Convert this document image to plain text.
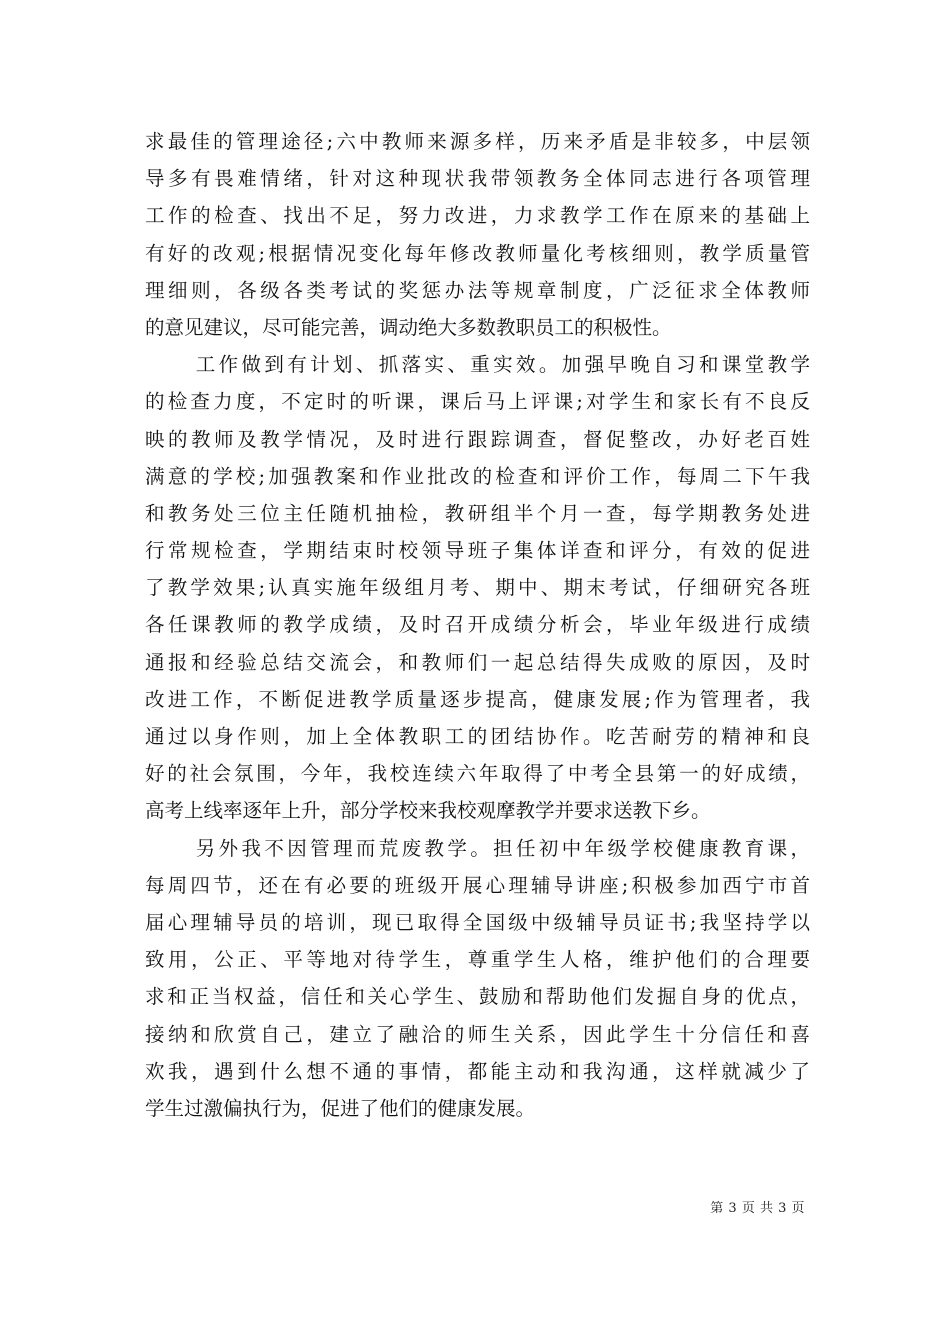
求最佳的管理途径;六中教师来源多样，历来矛盾是非较多，中层领
导多有畏难情绪，针对这种现状我带领教务全体同志进行各项管理
工作的检查、找出不足，努力改进，力求教学工作在原来的基础上
有好的改观;根据情况变化每年修改教师量化考核细则，教学质量管
理细则，各级各类考试的奖惩办法等规章制度，广泛征求全体教师
的意见建议，尽可能完善，调动绝大多数教职员工的积极性。
工作做到有计划、抓落实、重实效。加强早晚自习和课堂教学
的检查力度，不定时的听课，课后马上评课;对学生和家长有不良反
映的教师及教学情况，及时进行跟踪调查，督促整改，办好老百姓
满意的学校;加强教案和作业批改的检查和评价工作，每周二下午我
和教务处三位主任随机抽检，教研组半个月一查，每学期教务处进
行常规检查，学期结束时校领导班子集体详查和评分，有效的促进
了教学效果;认真实施年级组月考、期中、期末考试，仔细研究各班
各任课教师的教学成绩，及时召开成绩分析会，毕业年级进行成绩
通报和经验总结交流会，和教师们一起总结得失成败的原因，及时
改进工作，不断促进教学质量逐步提高，健康发展;作为管理者，我
通过以身作则，加上全体教职工的团结协作。吃苦耐劳的精神和良
好的社会氛围，今年，我校连续六年取得了中考全县第一的好成绩，
高考上线率逐年上升，部分学校来我校观摩教学并要求送教下乡。
另外我不因管理而荒废教学。担任初中年级学校健康教育课，
每周四节，还在有必要的班级开展心理辅导讲座;积极参加西宁市首
届心理辅导员的培训，现已取得全国级中级辅导员证书;我坚持学以
致用，公正、平等地对待学生，尊重学生人格，维护他们的合理要
求和正当权益，信任和关心学生、鼓励和帮助他们发掘自身的优点，
接纳和欣赏自己，建立了融洽的师生关系，因此学生十分信任和喜
欢我，遇到什么想不通的事情，都能主动和我沟通，这样就减少了
学生过激偏执行为，促进了他们的健康发展。
第 3 页 共 3 页
